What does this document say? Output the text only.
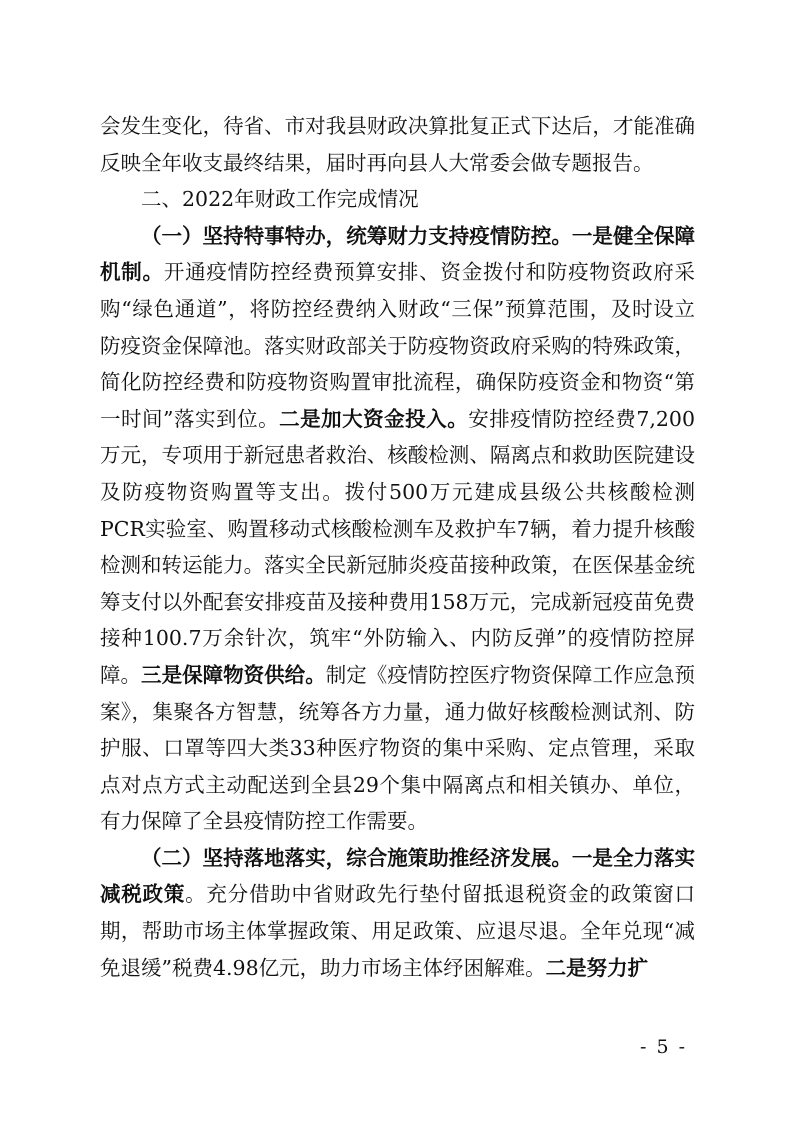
会发生变化，待省、市对我县财政决算批复正式下达后，才能准确反映全年收支最终结果，届时再向县人大常委会做专题报告。

二、2022年财政工作完成情况

（一）坚持特事特办，统筹财力支持疫情防控。一是健全保障机制。开通疫情防控经费预算安排、资金拨付和防疫物资政府采购“绿色通道”，将防控经费纳入财政“三保”预算范围，及时设立防疫资金保障池。落实财政部关于防疫物资政府采购的特殊政策，简化防控经费和防疫物资购置审批流程，确保防疫资金和物资“第一时间”落实到位。二是加大资金投入。安排疫情防控经费7,200万元，专项用于新冠患者救治、核酸检测、隔离点和救助医院建设及防疫物资购置等支出。拨付500万元建成县级公共核酸检测PCR实验室、购置移动式核酸检测车及救护车7辆，着力提升核酸检测和转运能力。落实全民新冠肺炎疫苗接种政策，在医保基金统筹支付以外配套安排疫苗及接种费用158万元，完成新冠疫苗免费接种100.7万余针次，筑牢“外防输入、内防反弹”的疫情防控屏障。三是保障物资供给。制定《疫情防控医疗物资保障工作应急预案》，集聚各方智慧，统筹各方力量，通力做好核酸检测试剂、防护服、口罩等四大类33种医疗物资的集中采购、定点管理，采取点对点方式主动配送到全县29个集中隔离点和相关镇办、单位，有力保障了全县疫情防控工作需要。

（二）坚持落地落实，综合施策助推经济发展。一是全力落实减税政策。充分借助中省财政先行垫付留抵退税资金的政策窗口期，帮助市场主体掌握政策、用足政策、应退尽退。全年兑现“减免退缓”税费4.98亿元，助力市场主体纾困解难。二是努力扩

- 5 -
